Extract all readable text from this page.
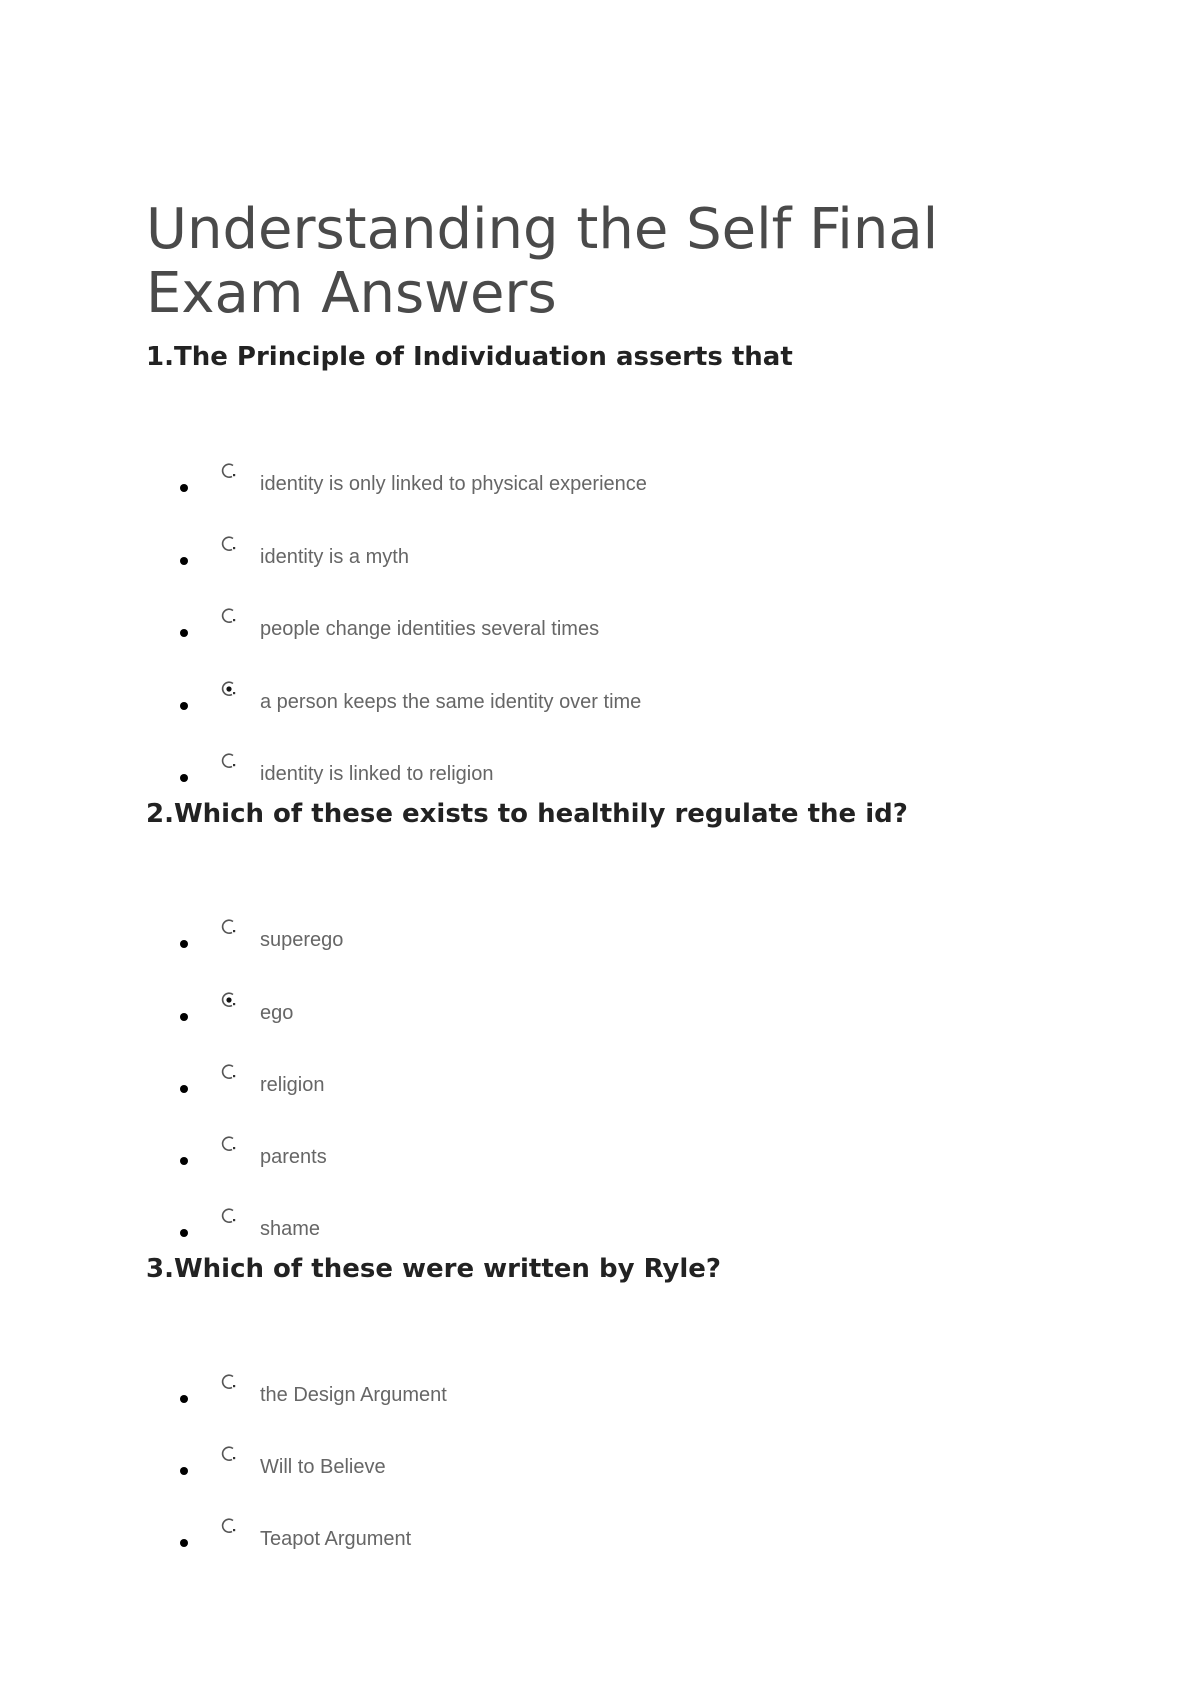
Understanding the Self Final Exam Answers
1.The Principle of Individuation asserts that
identity is only linked to physical experience
identity is a myth
people change identities several times
a person keeps the same identity over time
identity is linked to religion
2.Which of these exists to healthily regulate the id?
superego
ego
religion
parents
shame
3.Which of these were written by Ryle?
the Design Argument
Will to Believe
Teapot Argument
